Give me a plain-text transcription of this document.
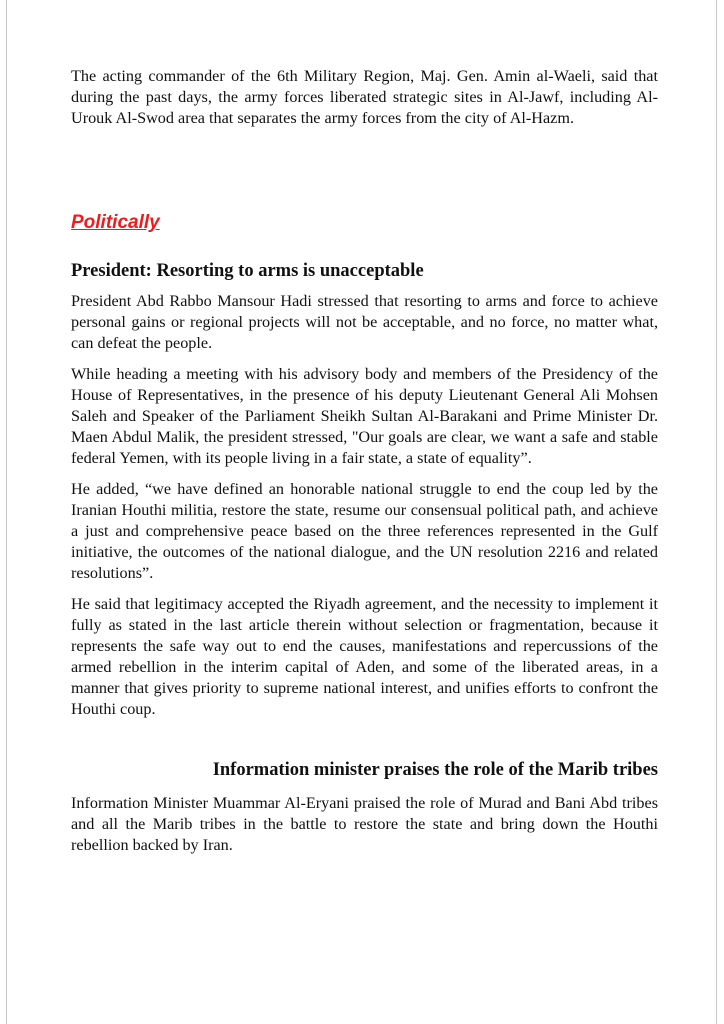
The acting commander of the 6th Military Region, Maj. Gen. Amin al-Waeli, said that during the past days, the army forces liberated strategic sites in Al-Jawf, including Al-Urouk Al-Swod area that separates the army forces from the city of Al-Hazm.

Politically
President: Resorting to arms is unacceptable

President Abd Rabbo Mansour Hadi stressed that resorting to arms and force to achieve personal gains or regional projects will not be acceptable, and no force, no matter what, can defeat the people.

While heading a meeting with his advisory body and members of the Presidency of the House of Representatives, in the presence of his deputy Lieutenant General Ali Mohsen Saleh and Speaker of the Parliament Sheikh Sultan Al-Barakani and Prime Minister Dr. Maen Abdul Malik, the president stressed, "Our goals are clear, we want a safe and stable federal Yemen, with its people living in a fair state, a state of equality”.

He added, “we have defined an honorable national struggle to end the coup led by the Iranian Houthi militia, restore the state, resume our consensual political path, and achieve a just and comprehensive peace based on the three references represented in the Gulf initiative, the outcomes of the national dialogue, and the UN resolution 2216 and related resolutions”.

He said that legitimacy accepted the Riyadh agreement, and the necessity to implement it fully as stated in the last article therein without selection or fragmentation, because it represents the safe way out to end the causes, manifestations and repercussions of the armed rebellion in the interim capital of Aden, and some of the liberated areas, in a manner that gives priority to supreme national interest, and unifies efforts to confront the Houthi coup.

Information minister praises the role of the Marib tribes

Information Minister Muammar Al-Eryani praised the role of Murad and Bani Abd tribes and all the Marib tribes in the battle to restore the state and bring down the Houthi rebellion backed by Iran.
